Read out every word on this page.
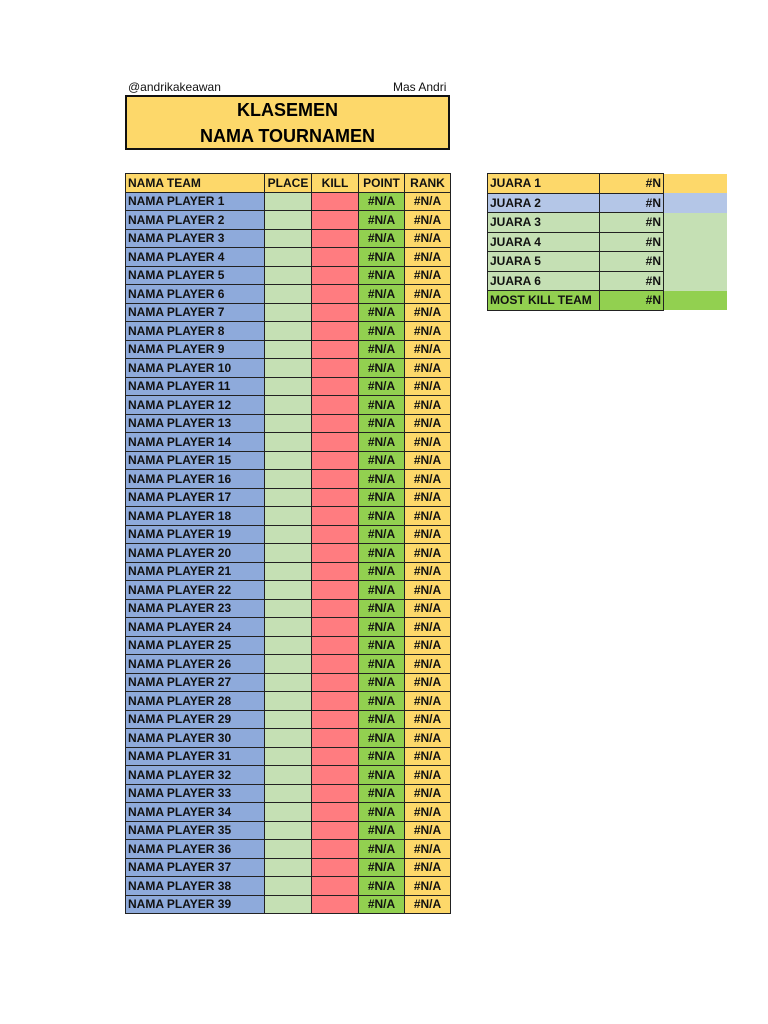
@andrikakeawan	Mas Andri
KLASEMEN
NAMA TOURNAMEN
NAMA TEAM	PLACE	KILL	POINT	RANK
NAMA PLAYER 1			#N/A	#N/A
NAMA PLAYER 2			#N/A	#N/A
NAMA PLAYER 3			#N/A	#N/A
NAMA PLAYER 4			#N/A	#N/A
NAMA PLAYER 5			#N/A	#N/A
NAMA PLAYER 6			#N/A	#N/A
NAMA PLAYER 7			#N/A	#N/A
NAMA PLAYER 8			#N/A	#N/A
NAMA PLAYER 9			#N/A	#N/A
NAMA PLAYER 10			#N/A	#N/A
NAMA PLAYER 11			#N/A	#N/A
NAMA PLAYER 12			#N/A	#N/A
NAMA PLAYER 13			#N/A	#N/A
NAMA PLAYER 14			#N/A	#N/A
NAMA PLAYER 15			#N/A	#N/A
NAMA PLAYER 16			#N/A	#N/A
NAMA PLAYER 17			#N/A	#N/A
NAMA PLAYER 18			#N/A	#N/A
NAMA PLAYER 19			#N/A	#N/A
NAMA PLAYER 20			#N/A	#N/A
NAMA PLAYER 21			#N/A	#N/A
NAMA PLAYER 22			#N/A	#N/A
NAMA PLAYER 23			#N/A	#N/A
NAMA PLAYER 24			#N/A	#N/A
NAMA PLAYER 25			#N/A	#N/A
NAMA PLAYER 26			#N/A	#N/A
NAMA PLAYER 27			#N/A	#N/A
NAMA PLAYER 28			#N/A	#N/A
NAMA PLAYER 29			#N/A	#N/A
NAMA PLAYER 30			#N/A	#N/A
NAMA PLAYER 31			#N/A	#N/A
NAMA PLAYER 32			#N/A	#N/A
NAMA PLAYER 33			#N/A	#N/A
NAMA PLAYER 34			#N/A	#N/A
NAMA PLAYER 35			#N/A	#N/A
NAMA PLAYER 36			#N/A	#N/A
NAMA PLAYER 37			#N/A	#N/A
NAMA PLAYER 38			#N/A	#N/A
NAMA PLAYER 39			#N/A	#N/A
JUARA 1	#N	
JUARA 2	#N	
JUARA 3	#N	
JUARA 4	#N	
JUARA 5	#N	
JUARA 6	#N	
MOST KILL TEAM	#N	
